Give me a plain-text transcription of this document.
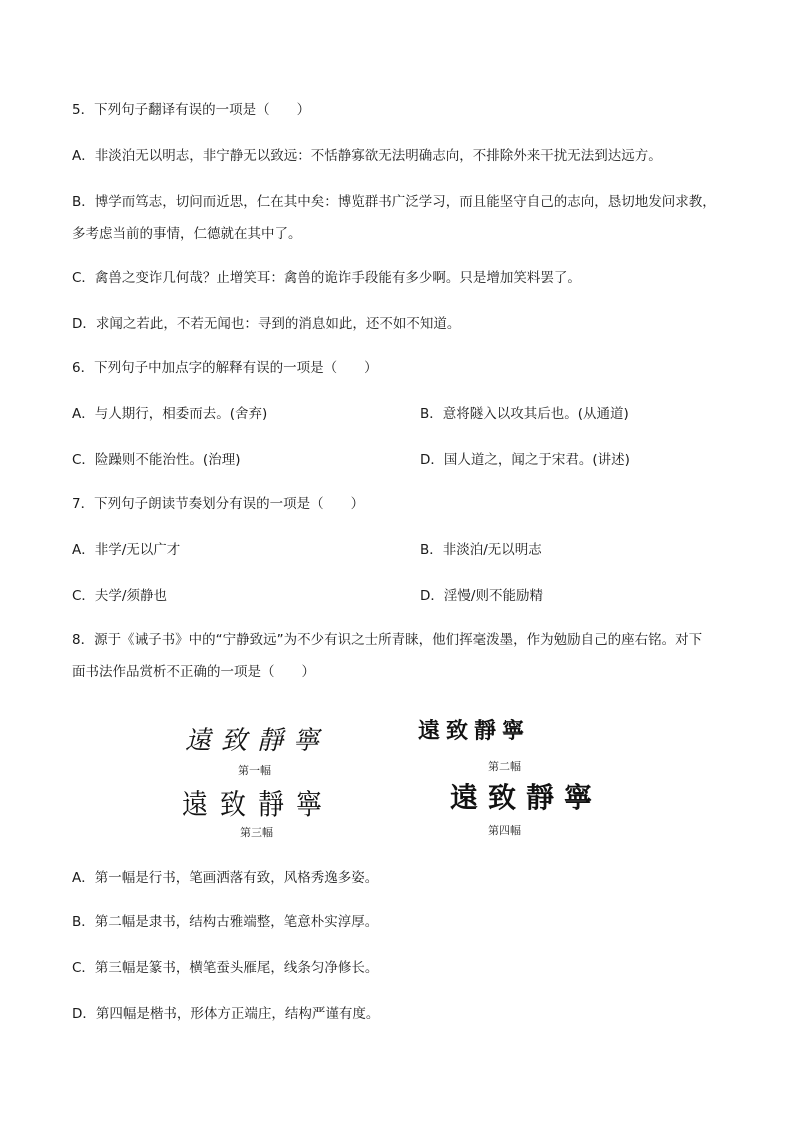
5．下列句子翻译有误的一项是（　　）
A．非淡泊无以明志，非宁静无以致远：不恬静寡欲无法明确志向，不排除外来干扰无法到达远方。
B．博学而笃志，切问而近思，仁在其中矣：博览群书广泛学习，而且能坚守自己的志向，恳切地发问求教，
多考虑当前的事情，仁德就在其中了。
C．禽兽之变诈几何哉？止增笑耳：禽兽的诡诈手段能有多少啊。只是增加笑料罢了。
D．求闻之若此，不若无闻也：寻到的消息如此，还不如不知道。
6．下列句子中加点字的解释有误的一项是（　　）
A．与人期行，相委而去。(舍弃)	B．意将隧入以攻其后也。(从通道)
C．险躁则不能治性。(治理)	D．国人道之，闻之于宋君。(讲述)
7．下列句子朗读节奏划分有误的一项是（　　）
A．非学/无以广才	B．非淡泊/无以明志
C．夫学/须静也	D．淫慢/则不能励精
8．源于《诫子书》中的“宁静致远”为不少有识之士所青睐，他们挥毫泼墨，作为勉励自己的座右铭。对下
面书法作品赏析不正确的一项是（　　）
遠致靜寧
第一幅
遠致靜寧
第二幅
遠致靜寧
第三幅
遠致靜寧
第四幅
A．第一幅是行书，笔画洒落有致，风格秀逸多姿。
B．第二幅是隶书，结构古雅端整，笔意朴实淳厚。
C．第三幅是篆书，横笔蚕头雁尾，线条匀净修长。
D．第四幅是楷书，形体方正端庄，结构严谨有度。
